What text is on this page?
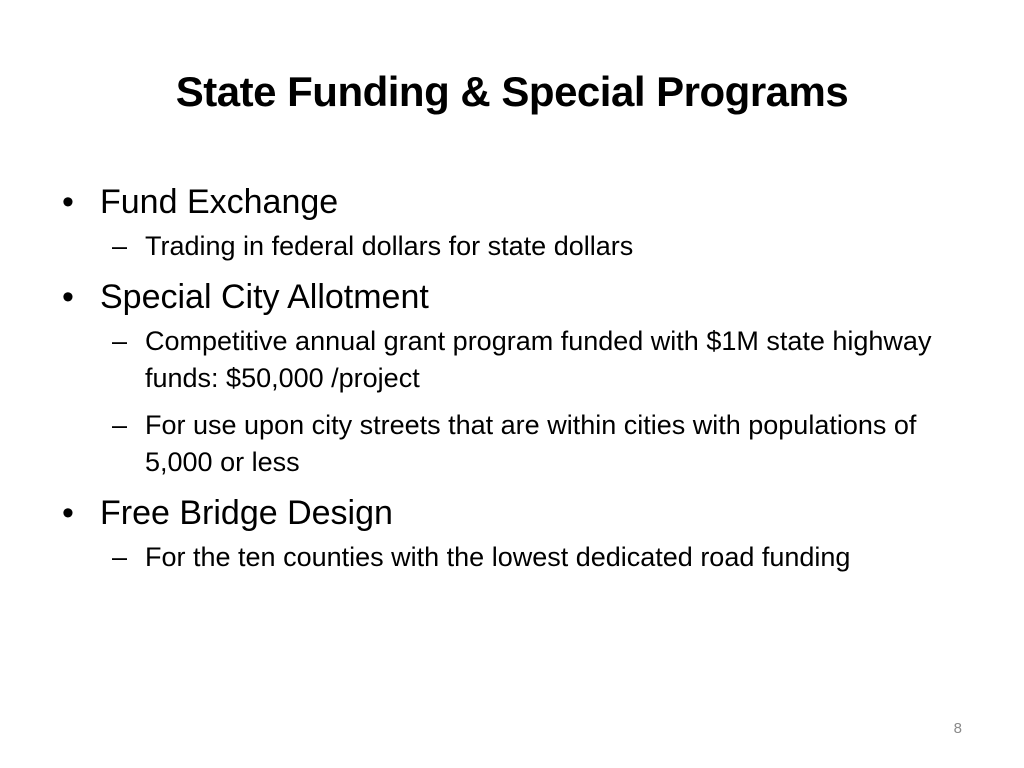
State Funding & Special Programs
• Fund Exchange
– Trading in federal dollars for state dollars
• Special City Allotment
– Competitive annual grant program funded with $1M state highway funds: $50,000 /project
– For use upon city streets that are within cities with populations of 5,000 or less
• Free Bridge Design
– For the ten counties with the lowest dedicated road funding
8
